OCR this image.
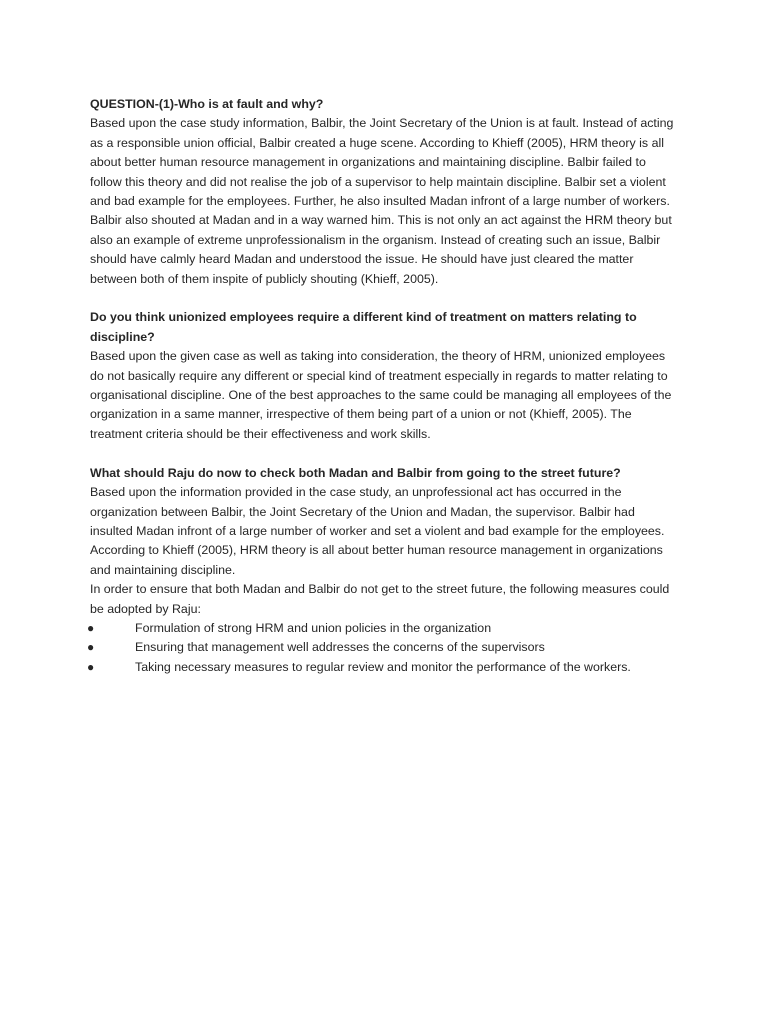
QUESTION-(1)-Who is at fault and why?

Based upon the case study information, Balbir, the Joint Secretary of the Union is at fault. Instead of acting as a responsible union official, Balbir created a huge scene. According to Khieff (2005), HRM theory is all about better human resource management in organizations and maintaining discipline. Balbir failed to follow this theory and did not realise the job of a supervisor to help maintain discipline. Balbir set a violent and bad example for the employees. Further, he also insulted Madan infront of a large number of workers.

Balbir also shouted at Madan and in a way warned him. This is not only an act against the HRM theory but also an example of extreme unprofessionalism in the organism. Instead of creating such an issue, Balbir should have calmly heard Madan and understood the issue. He should have just cleared the matter between both of them inspite of publicly shouting (Khieff, 2005).

Do you think unionized employees require a different kind of treatment on matters relating to discipline?

Based upon the given case as well as taking into consideration, the theory of HRM, unionized employees do not basically require any different or special kind of treatment especially in regards to matter relating to organisational discipline. One of the best approaches to the same could be managing all employees of the organization in a same manner, irrespective of them being part of a union or not (Khieff, 2005). The treatment criteria should be their effectiveness and work skills.

What should Raju do now to check both Madan and Balbir from going to the street future?

Based upon the information provided in the case study, an unprofessional act has occurred in the organization between Balbir, the Joint Secretary of the Union and Madan, the supervisor. Balbir had insulted Madan infront of a large number of worker and set a violent and bad example for the employees. According to Khieff (2005), HRM theory is all about better human resource management in organizations and maintaining discipline.

In order to ensure that both Madan and Balbir do not get to the street future, the following measures could be adopted by Raju:

●	Formulation of strong HRM and union policies in the organization
●	Ensuring that management well addresses the concerns of the supervisors
●	Taking necessary measures to regular review and monitor the performance of the workers.
